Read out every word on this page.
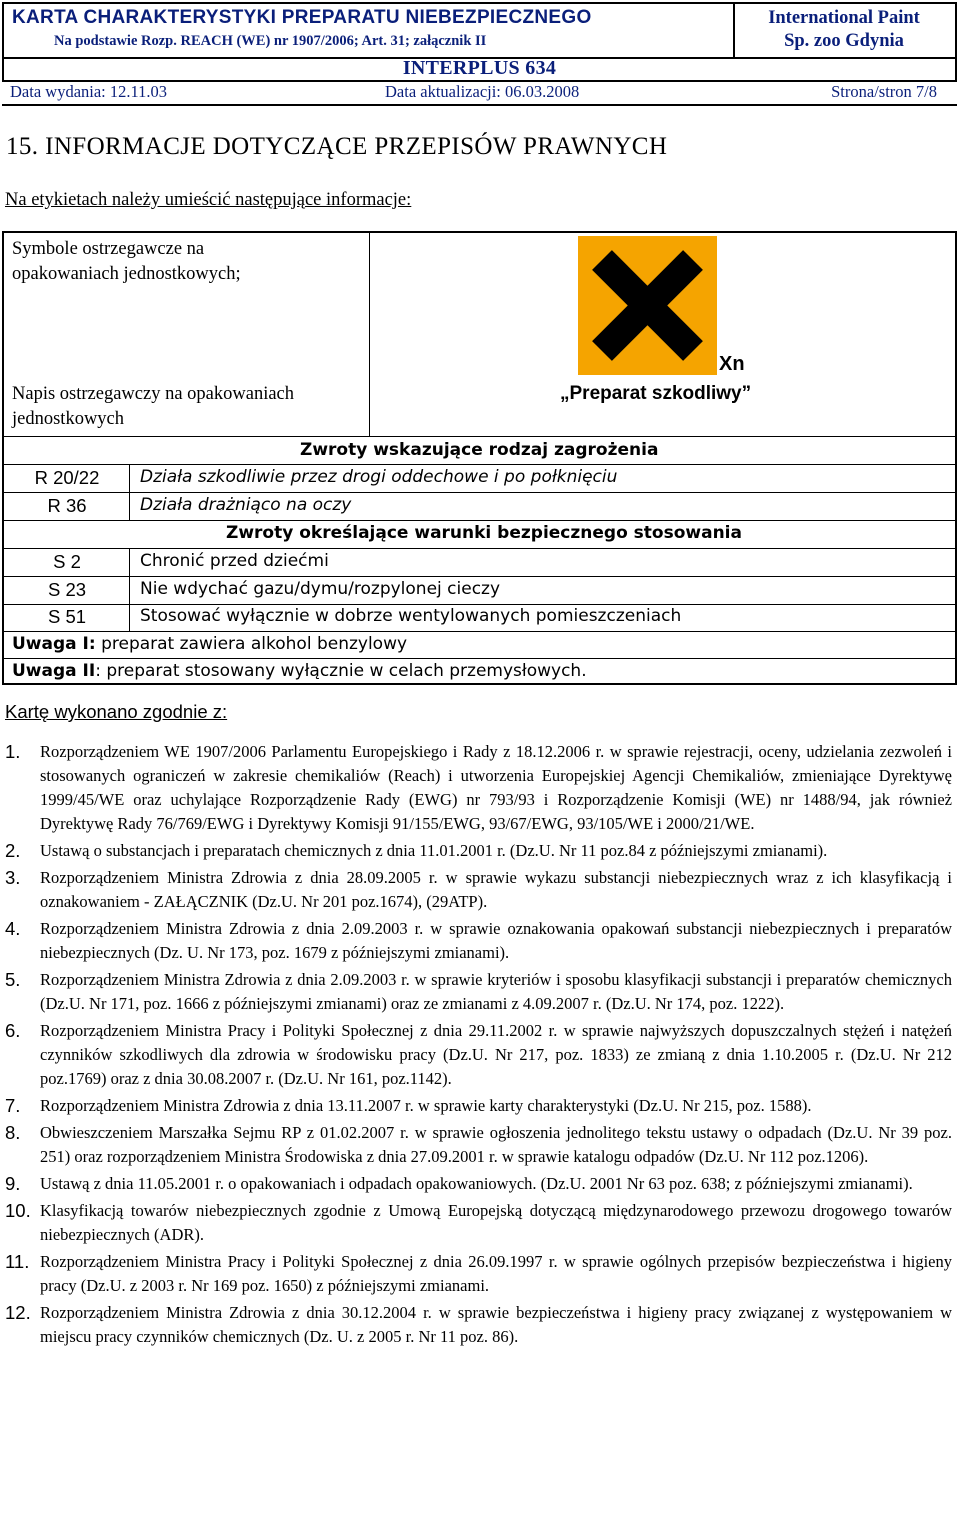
KARTA CHARAKTERYSTYKI PREPARATU NIEBEZPIECZNEGO
Na podstawie Rozp. REACH (WE) nr 1907/2006; Art. 31; załącznik II
International Paint
Sp. zoo Gdynia
INTERPLUS 634
Data wydania: 12.11.03	Data aktualizacji: 06.03.2008	Strona/stron 7/8
15. INFORMACJE DOTYCZĄCE PRZEPISÓW PRAWNYCH
Na etykietach należy umieścić następujące informacje:
Symbole ostrzegawcze na opakowaniach jednostkowych;
Napis ostrzegawczy na opakowaniach jednostkowych
Xn
„Preparat szkodliwy”
Zwroty wskazujące rodzaj zagrożenia
R 20/22	Działa szkodliwie przez drogi oddechowe i po połknięciu
R 36	Działa drażniąco na oczy
Zwroty określające warunki bezpiecznego stosowania
S 2	Chronić przed dziećmi
S 23	Nie wdychać gazu/dymu/rozpylonej cieczy
S 51	Stosować wyłącznie w dobrze wentylowanych pomieszczeniach
Uwaga I: preparat zawiera alkohol benzylowy
Uwaga II: preparat stosowany wyłącznie w celach przemysłowych.
Kartę wykonano zgodnie z:
1. Rozporządzeniem WE 1907/2006 Parlamentu Europejskiego i Rady z 18.12.2006 r. w sprawie rejestracji, oceny, udzielania zezwoleń i stosowanych ograniczeń w zakresie chemikaliów (Reach) i utworzenia Europejskiej Agencji Chemikaliów, zmieniające Dyrektywę 1999/45/WE oraz uchylające Rozporządzenie Rady (EWG) nr 793/93 i Rozporządzenie Komisji (WE) nr 1488/94, jak również Dyrektywę Rady 76/769/EWG i Dyrektywy Komisji 91/155/EWG, 93/67/EWG, 93/105/WE i 2000/21/WE.
2. Ustawą o substancjach i preparatach chemicznych z dnia 11.01.2001 r. (Dz.U. Nr 11 poz.84 z późniejszymi zmianami).
3. Rozporządzeniem Ministra Zdrowia z dnia 28.09.2005 r. w sprawie wykazu substancji niebezpiecznych wraz z ich klasyfikacją i oznakowaniem - ZAŁĄCZNIK (Dz.U. Nr 201 poz.1674), (29ATP).
4. Rozporządzeniem Ministra Zdrowia z dnia 2.09.2003 r. w sprawie oznakowania opakowań substancji niebezpiecznych i preparatów niebezpiecznych (Dz. U. Nr 173, poz. 1679 z późniejszymi zmianami).
5. Rozporządzeniem Ministra Zdrowia z dnia 2.09.2003 r. w sprawie kryteriów i sposobu klasyfikacji substancji i preparatów chemicznych (Dz.U. Nr 171, poz. 1666 z późniejszymi zmianami) oraz ze zmianami z 4.09.2007 r. (Dz.U. Nr 174, poz. 1222).
6. Rozporządzeniem Ministra Pracy i Polityki Społecznej z dnia 29.11.2002 r. w sprawie najwyższych dopuszczalnych stężeń i natężeń czynników szkodliwych dla zdrowia w środowisku pracy (Dz.U. Nr 217, poz. 1833) ze zmianą z dnia 1.10.2005 r. (Dz.U. Nr 212 poz.1769) oraz z dnia 30.08.2007 r. (Dz.U. Nr 161, poz.1142).
7. Rozporządzeniem Ministra Zdrowia z dnia 13.11.2007 r. w sprawie karty charakterystyki (Dz.U. Nr 215, poz. 1588).
8. Obwieszczeniem Marszałka Sejmu RP z 01.02.2007 r. w sprawie ogłoszenia jednolitego tekstu ustawy o odpadach (Dz.U. Nr 39 poz. 251) oraz rozporządzeniem Ministra Środowiska z dnia 27.09.2001 r. w sprawie katalogu odpadów (Dz.U. Nr 112 poz.1206).
9. Ustawą z dnia 11.05.2001 r. o opakowaniach i odpadach opakowaniowych. (Dz.U. 2001 Nr 63 poz. 638; z późniejszymi zmianami).
10. Klasyfikacją towarów niebezpiecznych zgodnie z Umową Europejską dotyczącą międzynarodowego przewozu drogowego towarów niebezpiecznych (ADR).
11. Rozporządzeniem Ministra Pracy i Polityki Społecznej z dnia 26.09.1997 r. w sprawie ogólnych przepisów bezpieczeństwa i higieny pracy (Dz.U. z 2003 r. Nr 169 poz. 1650) z późniejszymi zmianami.
12. Rozporządzeniem Ministra Zdrowia z dnia 30.12.2004 r. w sprawie bezpieczeństwa i higieny pracy związanej z występowaniem w miejscu pracy czynników chemicznych (Dz. U. z 2005 r. Nr 11 poz. 86).
